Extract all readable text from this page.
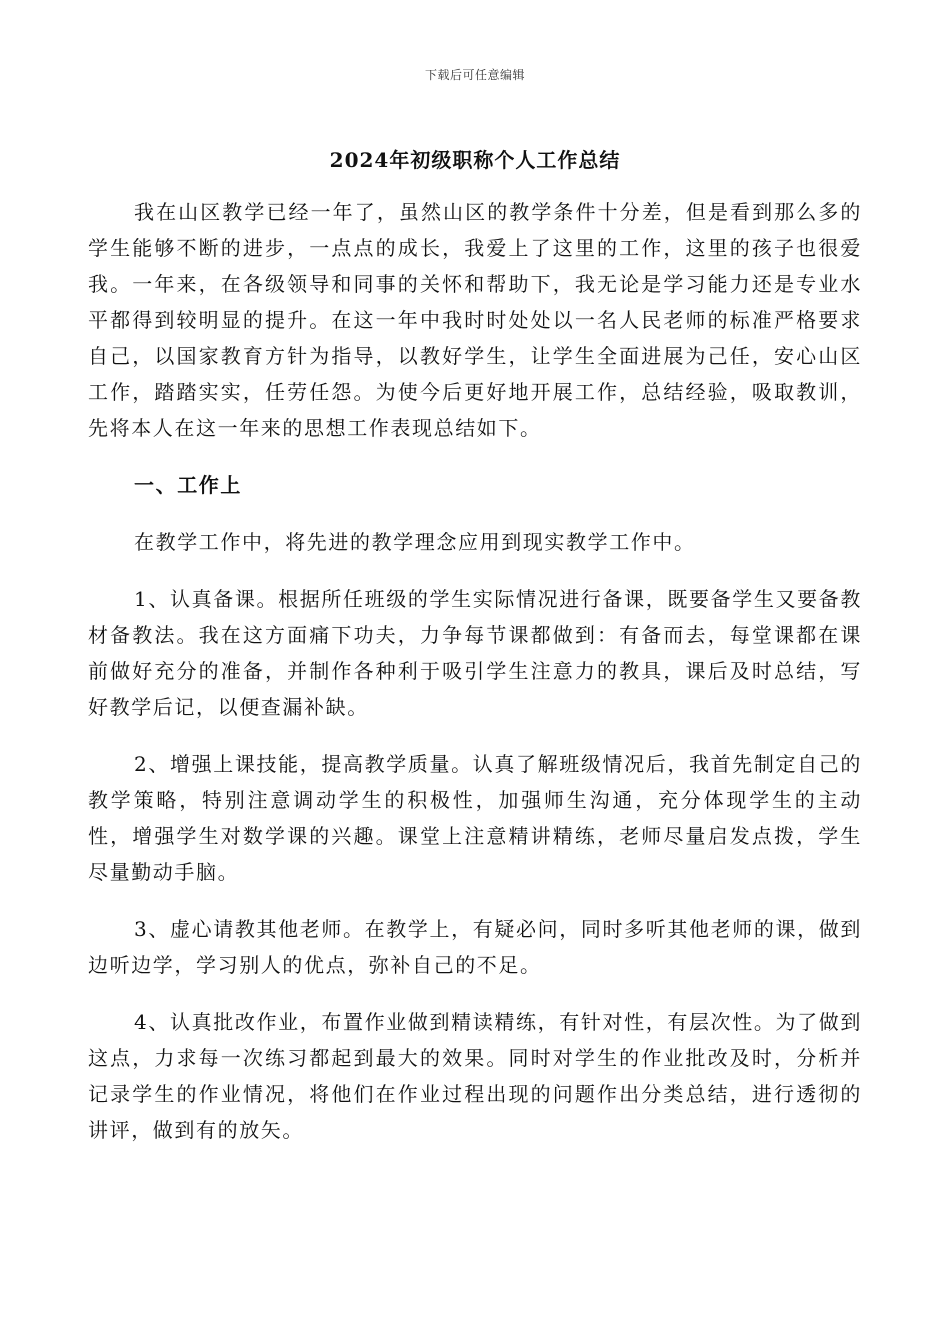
下载后可任意编辑
2024年初级职称个人工作总结

我在山区教学已经一年了，虽然山区的教学条件十分差，但是看到那么多的学生能够不断的进步，一点点的成长，我爱上了这里的工作，这里的孩子也很爱我。一年来，在各级领导和同事的关怀和帮助下，我无论是学习能力还是专业水平都得到较明显的提升。在这一年中我时时处处以一名人民老师的标准严格要求自己，以国家教育方针为指导，以教好学生，让学生全面进展为己任，安心山区工作，踏踏实实，任劳任怨。为使今后更好地开展工作，总结经验，吸取教训，先将本人在这一年来的思想工作表现总结如下。

一、工作上

在教学工作中，将先进的教学理念应用到现实教学工作中。

1、认真备课。根据所任班级的学生实际情况进行备课，既要备学生又要备教材备教法。我在这方面痛下功夫，力争每节课都做到：有备而去，每堂课都在课前做好充分的准备，并制作各种利于吸引学生注意力的教具，课后及时总结，写好教学后记，以便查漏补缺。

2、增强上课技能，提高教学质量。认真了解班级情况后，我首先制定自己的教学策略，特别注意调动学生的积极性，加强师生沟通，充分体现学生的主动性，增强学生对数学课的兴趣。课堂上注意精讲精练，老师尽量启发点拨，学生尽量勤动手脑。

3、虚心请教其他老师。在教学上，有疑必问，同时多听其他老师的课，做到边听边学，学习别人的优点，弥补自己的不足。

4、认真批改作业，布置作业做到精读精练，有针对性，有层次性。为了做到这点，力求每一次练习都起到最大的效果。同时对学生的作业批改及时，分析并记录学生的作业情况，将他们在作业过程出现的问题作出分类总结，进行透彻的讲评，做到有的放矢。
